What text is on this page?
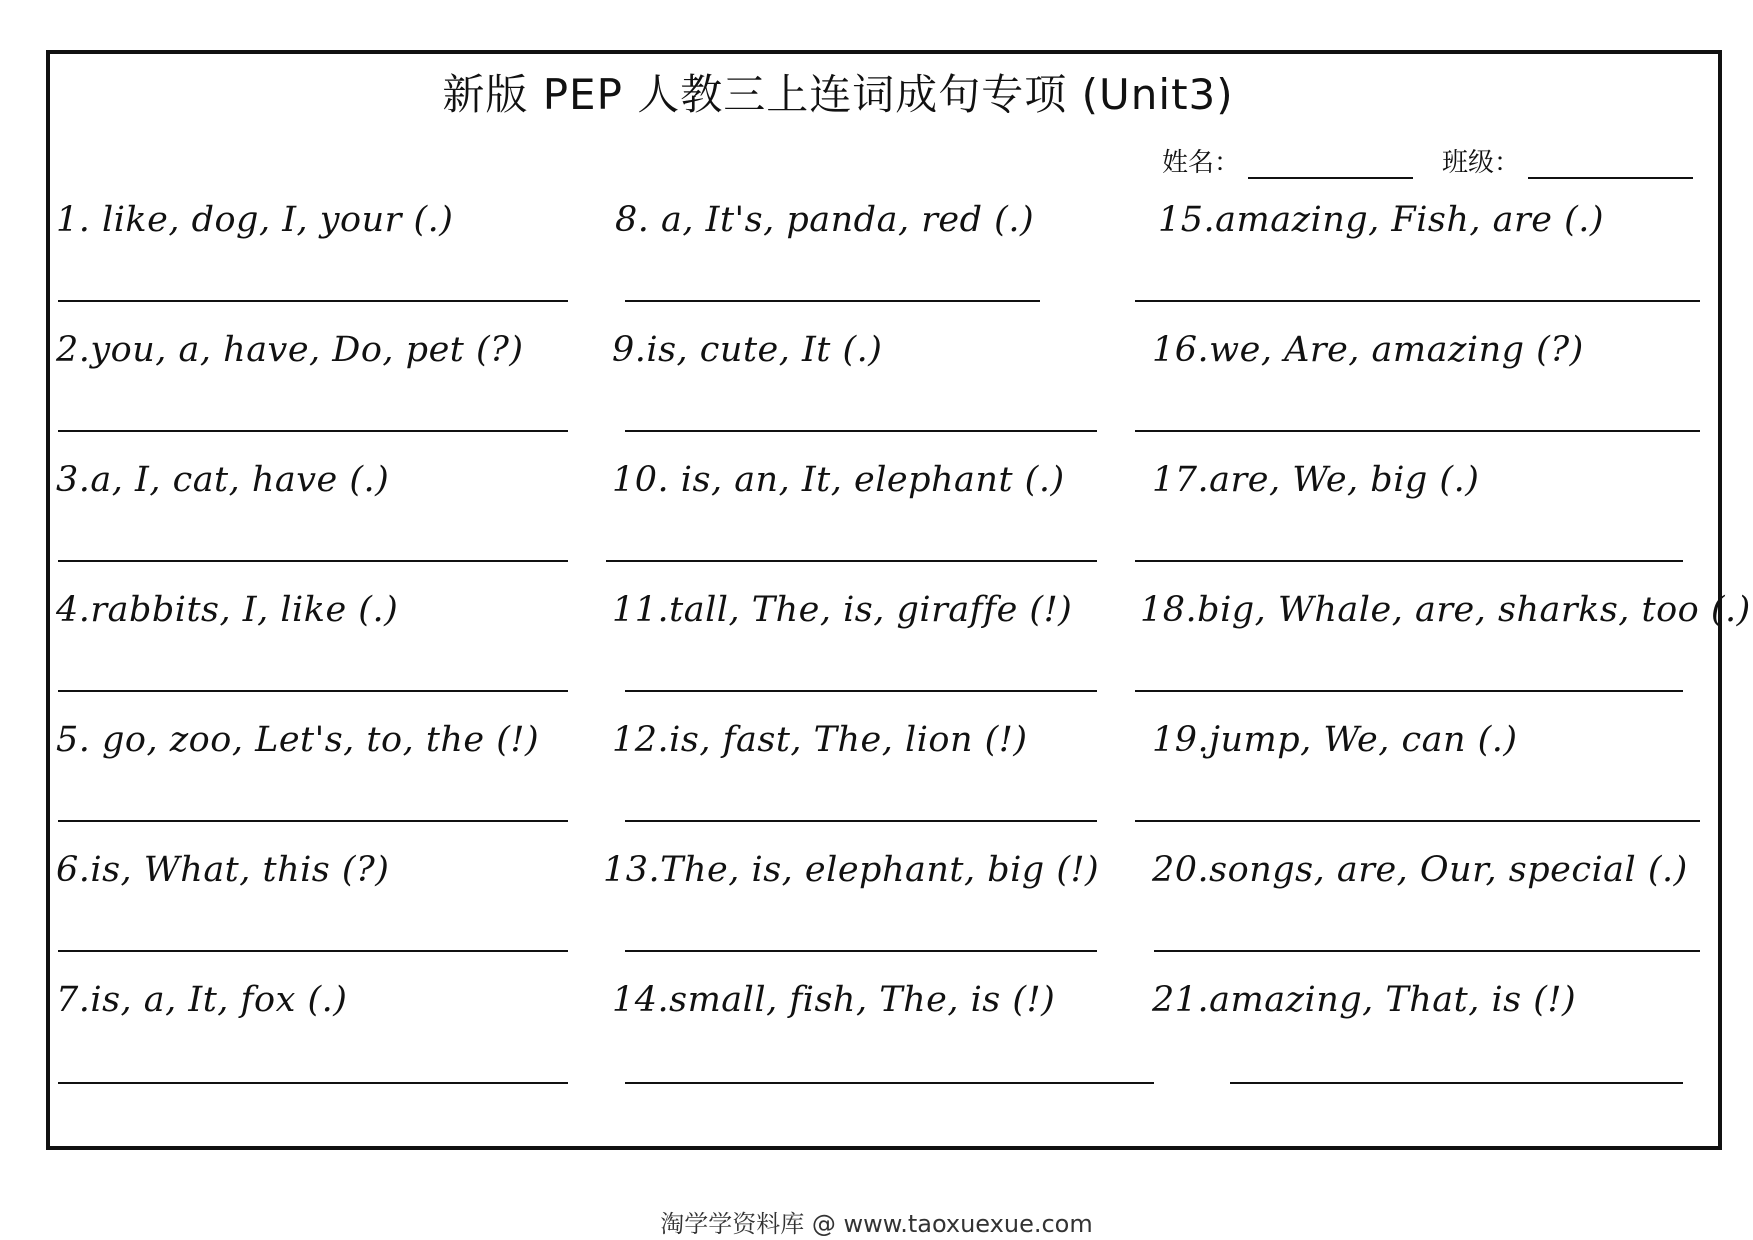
新版 PEP 人教三上连词成句专项 (Unit3)
姓名：	班级：
1. like, dog, I, your (.)
2.you, a, have, Do, pet (?)
3.a, I, cat, have (.)
4.rabbits, I, like (.)
5. go, zoo, Let's, to, the (!)
6.is, What, this (?)
7.is, a, It, fox (.)
8. a, It's, panda, red (.)
9.is, cute, It (.)
10. is, an, It, elephant (.)
11.tall, The, is, giraffe (!)
12.is, fast, The, lion (!)
13.The, is, elephant, big (!)
14.small, fish, The, is (!)
15.amazing, Fish, are (.)
16.we, Are, amazing (?)
17.are, We, big (.)
18.big, Whale, are, sharks, too (.)
19.jump, We, can (.)
20.songs, are, Our, special (.)
21.amazing, That, is (!)
淘学学资料库 @ www.taoxuexue.com
